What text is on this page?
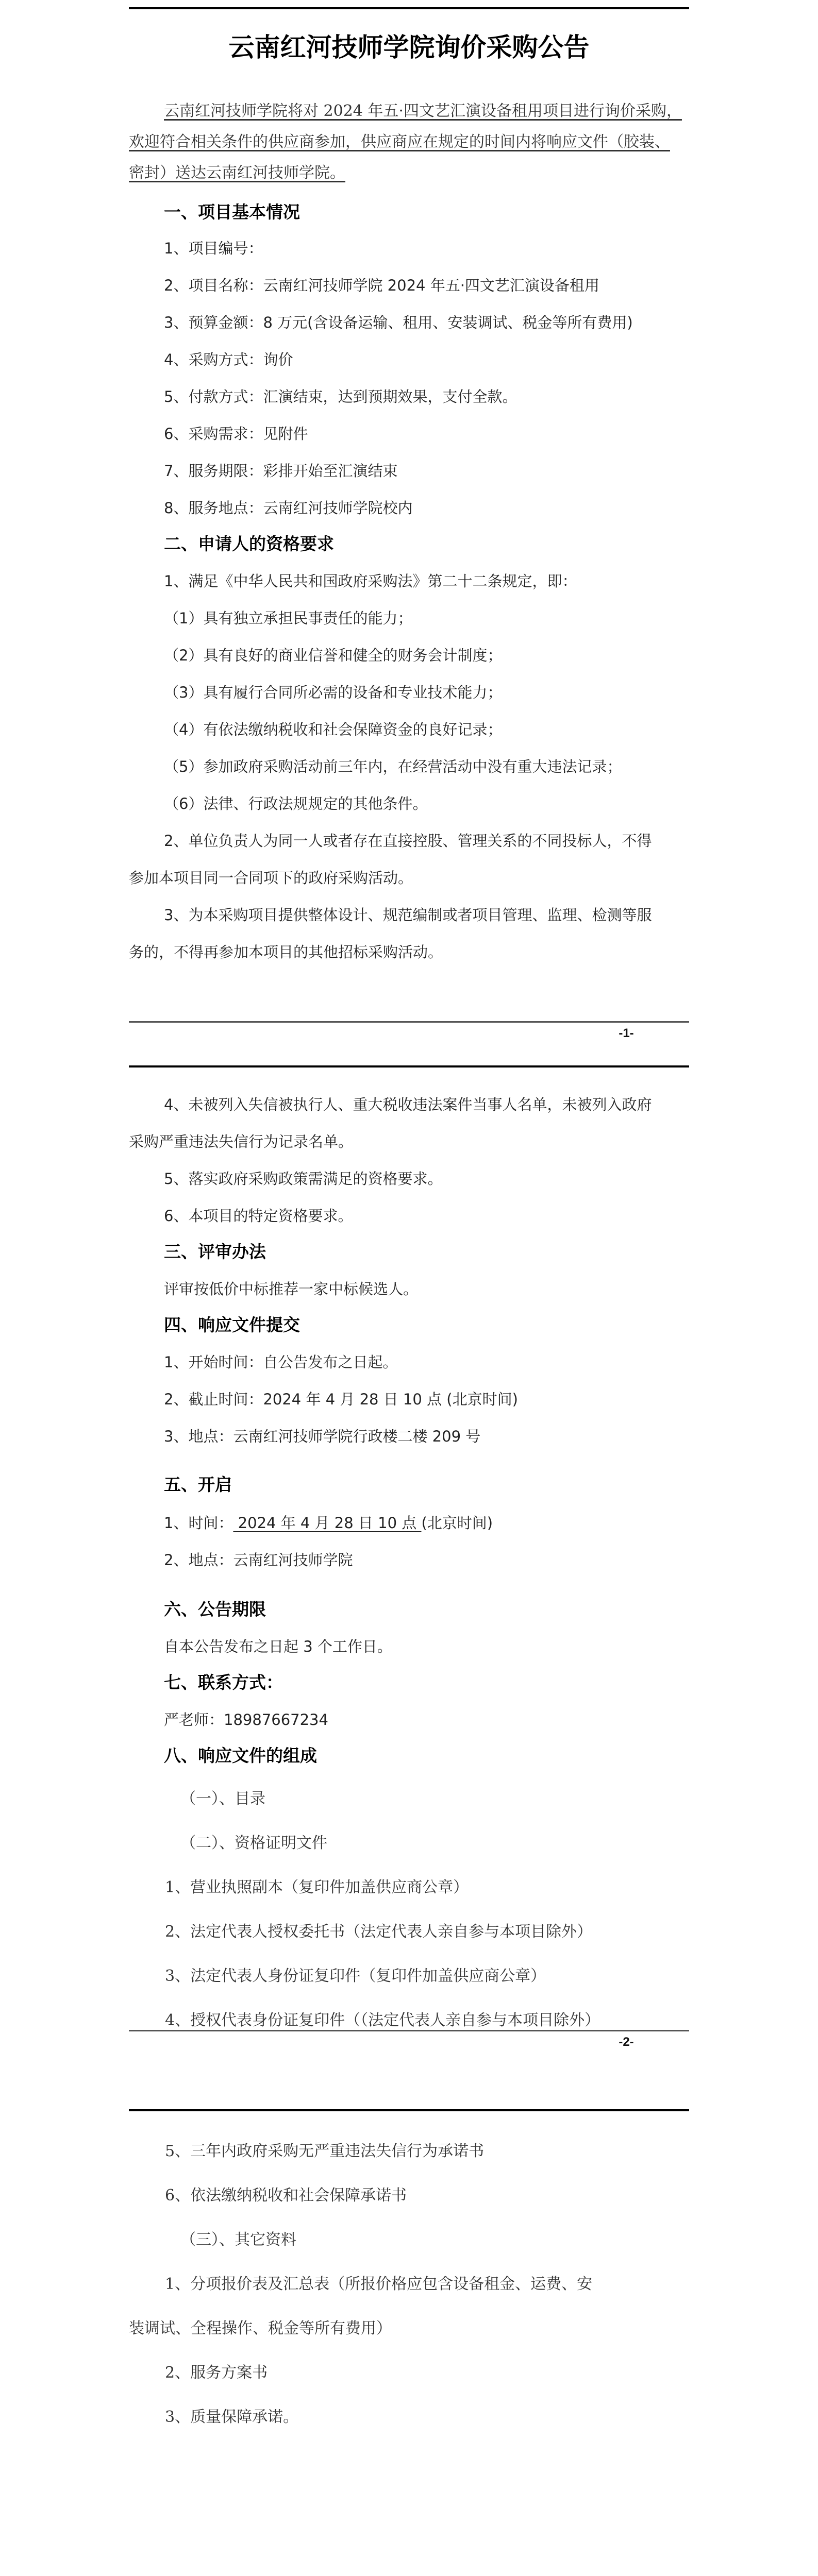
云南红河技师学院询价采购公告
云南红河技师学院将对 2024 年五·四文艺汇演设备租用项目进行询价采购，
欢迎符合相关条件的供应商参加，供应商应在规定的时间内将响应文件（胶装、
密封）送达云南红河技师学院。
一、项目基本情况
1、项目编号：
2、项目名称：云南红河技师学院 2024 年五·四文艺汇演设备租用
3、预算金额：8 万元(含设备运输、租用、安装调试、税金等所有费用)
4、采购方式：询价
5、付款方式：汇演结束，达到预期效果，支付全款。
6、采购需求：见附件
7、服务期限：彩排开始至汇演结束
8、服务地点：云南红河技师学院校内
二、申请人的资格要求
1、满足《中华人民共和国政府采购法》第二十二条规定，即：
（1）具有独立承担民事责任的能力；
（2）具有良好的商业信誉和健全的财务会计制度；
（3）具有履行合同所必需的设备和专业技术能力；
（4）有依法缴纳税收和社会保障资金的良好记录；
（5）参加政府采购活动前三年内，在经营活动中没有重大违法记录；
（6）法律、行政法规规定的其他条件。
2、单位负责人为同一人或者存在直接控股、管理关系的不同投标人，不得
参加本项目同一合同项下的政府采购活动。
3、为本采购项目提供整体设计、规范编制或者项目管理、监理、检测等服
务的，不得再参加本项目的其他招标采购活动。
-1-
4、未被列入失信被执行人、重大税收违法案件当事人名单，未被列入政府
采购严重违法失信行为记录名单。
5、落实政府采购政策需满足的资格要求。
6、本项目的特定资格要求。
三、评审办法
评审按低价中标推荐一家中标候选人。
四、响应文件提交
1、开始时间：自公告发布之日起。
2、截止时间：2024 年 4 月 28 日 10 点 (北京时间)
3、地点：云南红河技师学院行政楼二楼 209 号
五、开启
1、时间： 2024 年 4 月 28 日 10 点 (北京时间)
2、地点：云南红河技师学院
六、公告期限
自本公告发布之日起 3 个工作日。
七、联系方式：
严老师：18987667234
八、响应文件的组成
（一）、目录
（二）、资格证明文件
1、营业执照副本（复印件加盖供应商公章）
2、法定代表人授权委托书（法定代表人亲自参与本项目除外）
3、法定代表人身份证复印件（复印件加盖供应商公章）
4、授权代表身份证复印件（（法定代表人亲自参与本项目除外）
-2-
5、三年内政府采购无严重违法失信行为承诺书
6、依法缴纳税收和社会保障承诺书
（三）、其它资料
1、分项报价表及汇总表（所报价格应包含设备租金、运费、安
装调试、全程操作、税金等所有费用）
2、服务方案书
3、质量保障承诺。
